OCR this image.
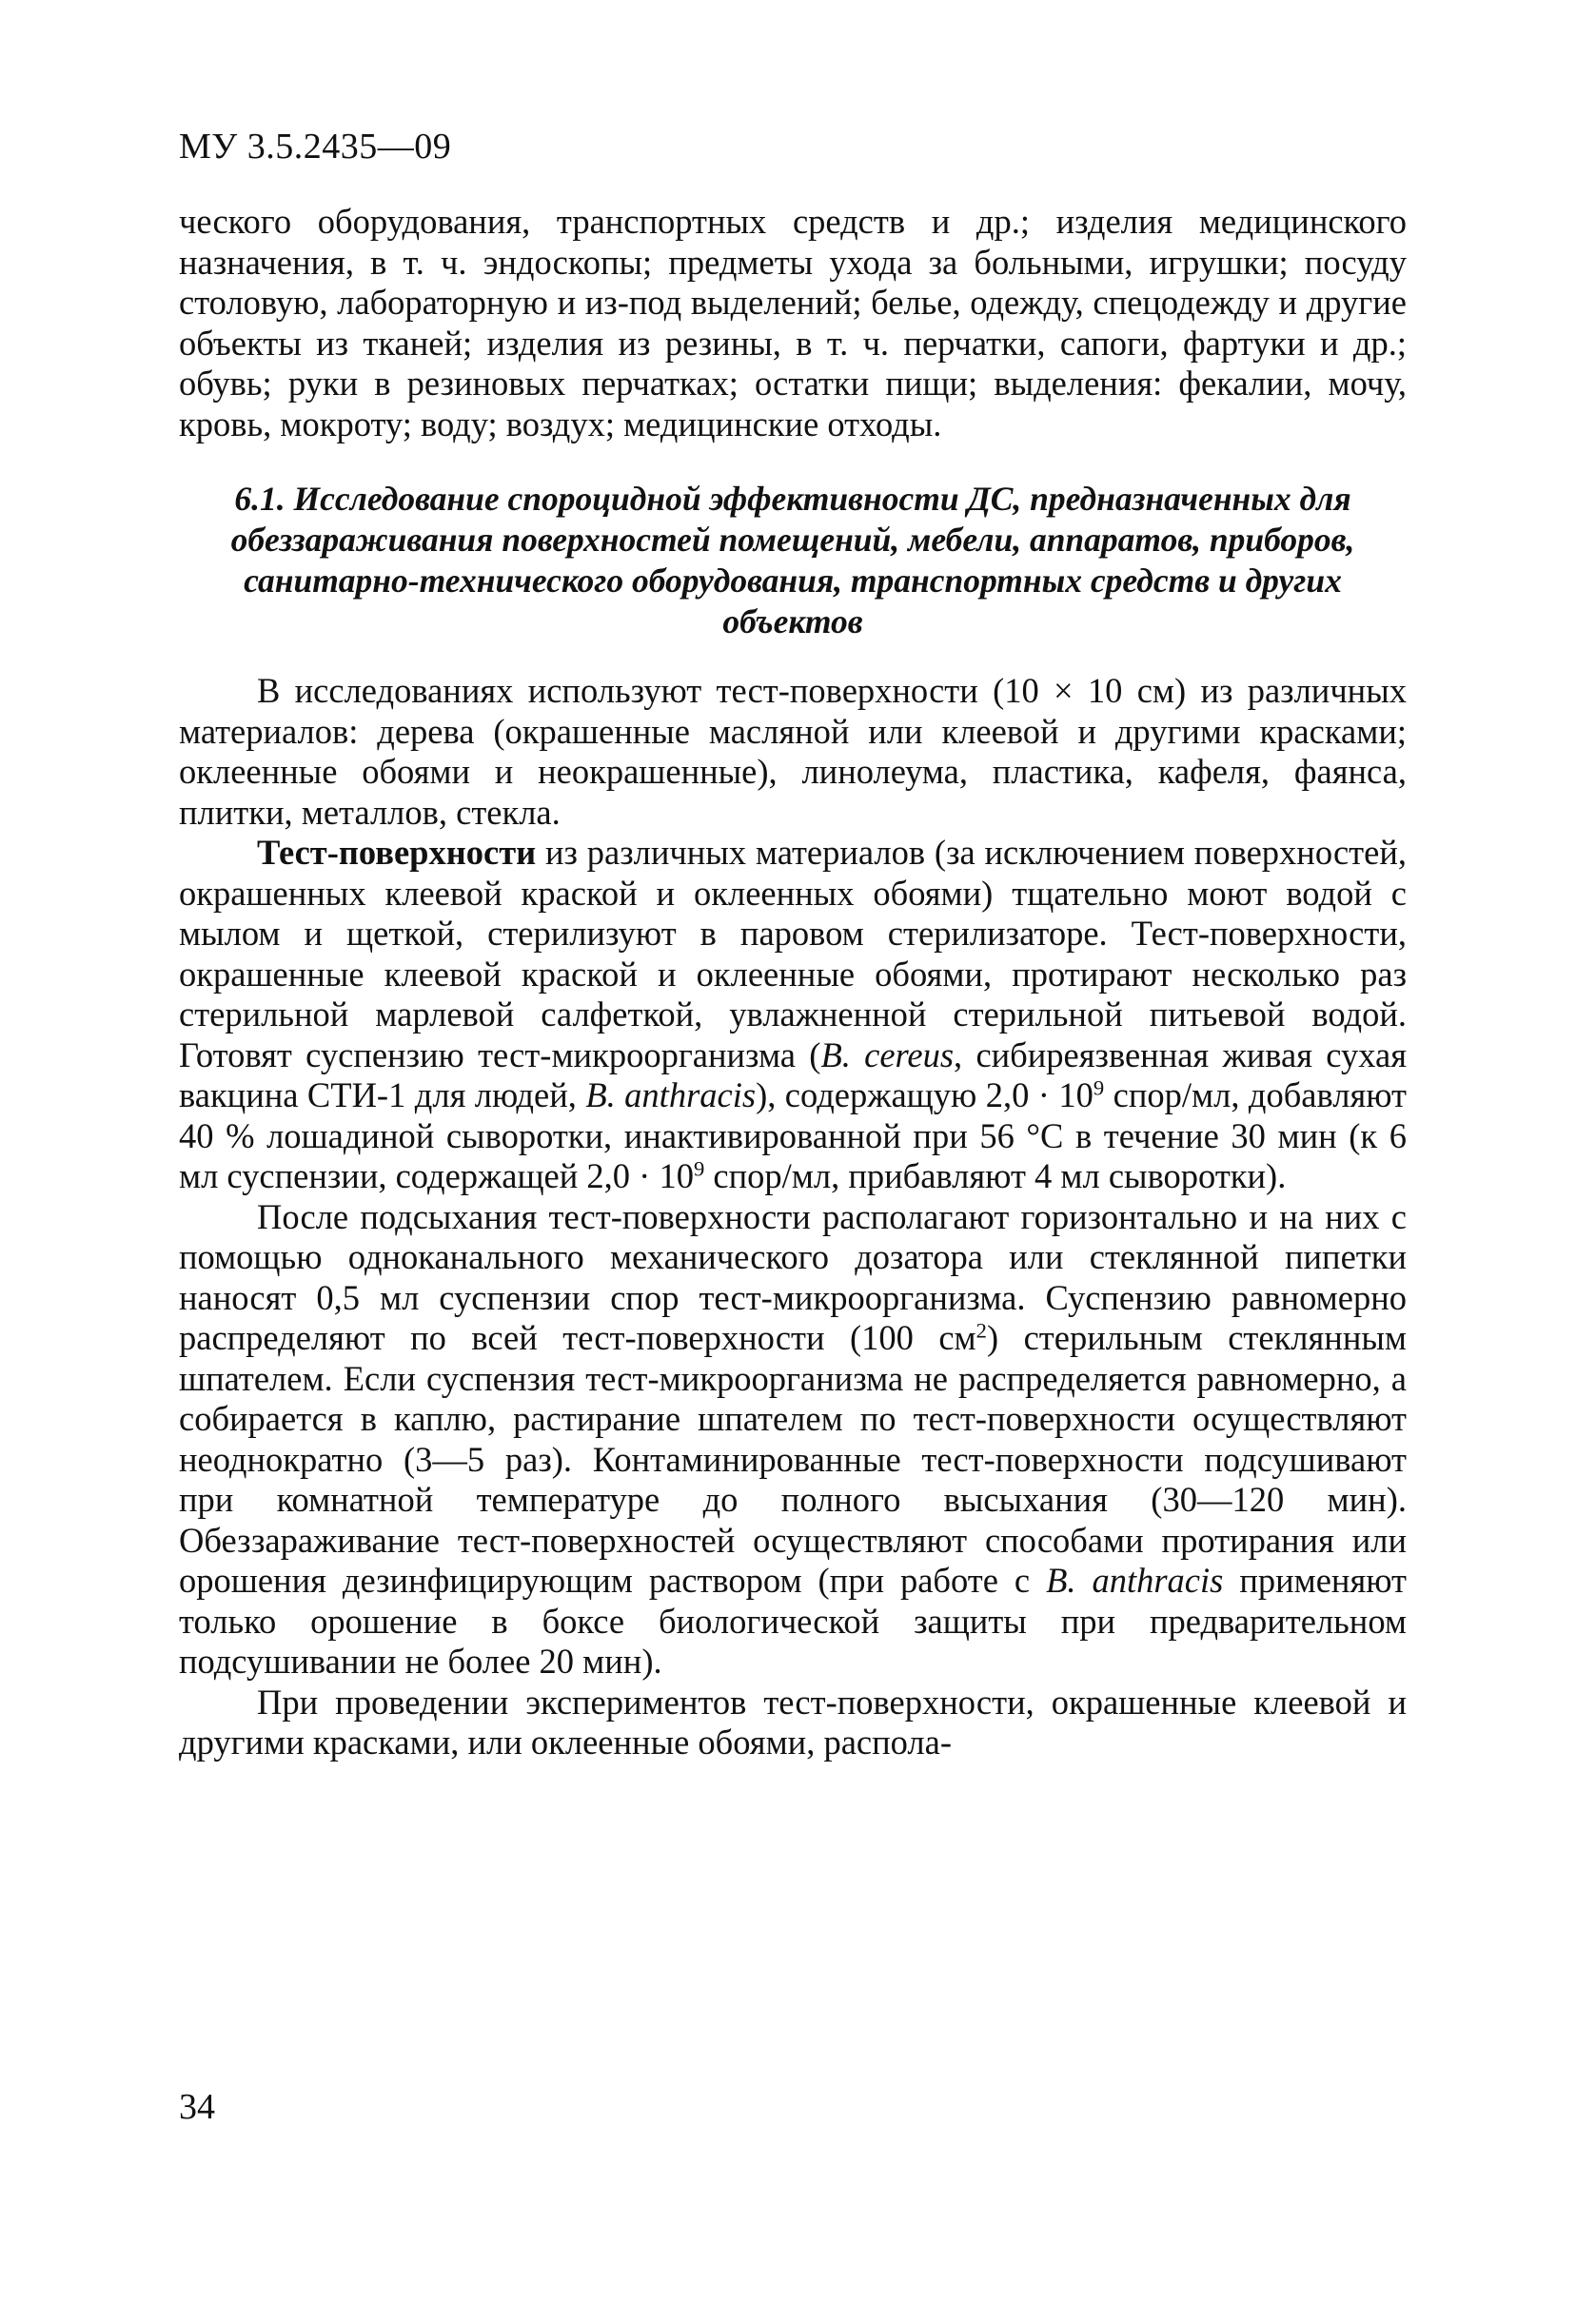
МУ 3.5.2435—09

ческого оборудования, транспортных средств и др.; изделия медицинского назначения, в т. ч. эндоскопы; предметы ухода за больными, игрушки; посуду столовую, лабораторную и из-под выделений; белье, одежду, спецодежду и другие объекты из тканей; изделия из резины, в т. ч. перчатки, сапоги, фартуки и др.; обувь; руки в резиновых перчатках; остатки пищи; выделения: фекалии, мочу, кровь, мокроту; воду; воздух; медицинские отходы.

6.1. Исследование спороцидной эффективности ДС, предназначенных для обеззараживания поверхностей помещений, мебели, аппаратов, приборов, санитарно-технического оборудования, транспортных средств и других объектов

В исследованиях используют тест-поверхности (10 × 10 см) из различных материалов: дерева (окрашенные масляной или клеевой и другими красками; оклеенные обоями и неокрашенные), линолеума, пластика, кафеля, фаянса, плитки, металлов, стекла.

Тест-поверхности из различных материалов (за исключением поверхностей, окрашенных клеевой краской и оклеенных обоями) тщательно моют водой с мылом и щеткой, стерилизуют в паровом стерилизаторе. Тест-поверхности, окрашенные клеевой краской и оклеенные обоями, протирают несколько раз стерильной марлевой салфеткой, увлажненной стерильной питьевой водой. Готовят суспензию тест-микроорганизма (B. cereus, сибиреязвенная живая сухая вакцина СТИ-1 для людей, B. anthracis), содержащую $2,0 \cdot 10^9$ спор/мл, добавляют 40 % лошадиной сыворотки, инактивированной при 56 °С в течение 30 мин (к 6 мл суспензии, содержащей $2,0 \cdot 10^9$ спор/мл, прибавляют 4 мл сыворотки).

После подсыхания тест-поверхности располагают горизонтально и на них с помощью одноканального механического дозатора или стеклянной пипетки наносят 0,5 мл суспензии спор тест-микроорганизма. Суспензию равномерно распределяют по всей тест-поверхности (100 $см^2$) стерильным стеклянным шпателем. Если суспензия тест-микроорганизма не распределяется равномерно, а собирается в каплю, растирание шпателем по тест-поверхности осуществляют неоднократно (3—5 раз). Контаминированные тест-поверхности подсушивают при комнатной температуре до полного высыхания (30—120 мин). Обеззараживание тест-поверхностей осуществляют способами протирания или орошения дезинфицирующим раствором (при работе с B. anthracis применяют только орошение в боксе биологической защиты при предварительном подсушивании не более 20 мин).

При проведении экспериментов тест-поверхности, окрашенные клеевой и другими красками, или оклеенные обоями, распола-

34
